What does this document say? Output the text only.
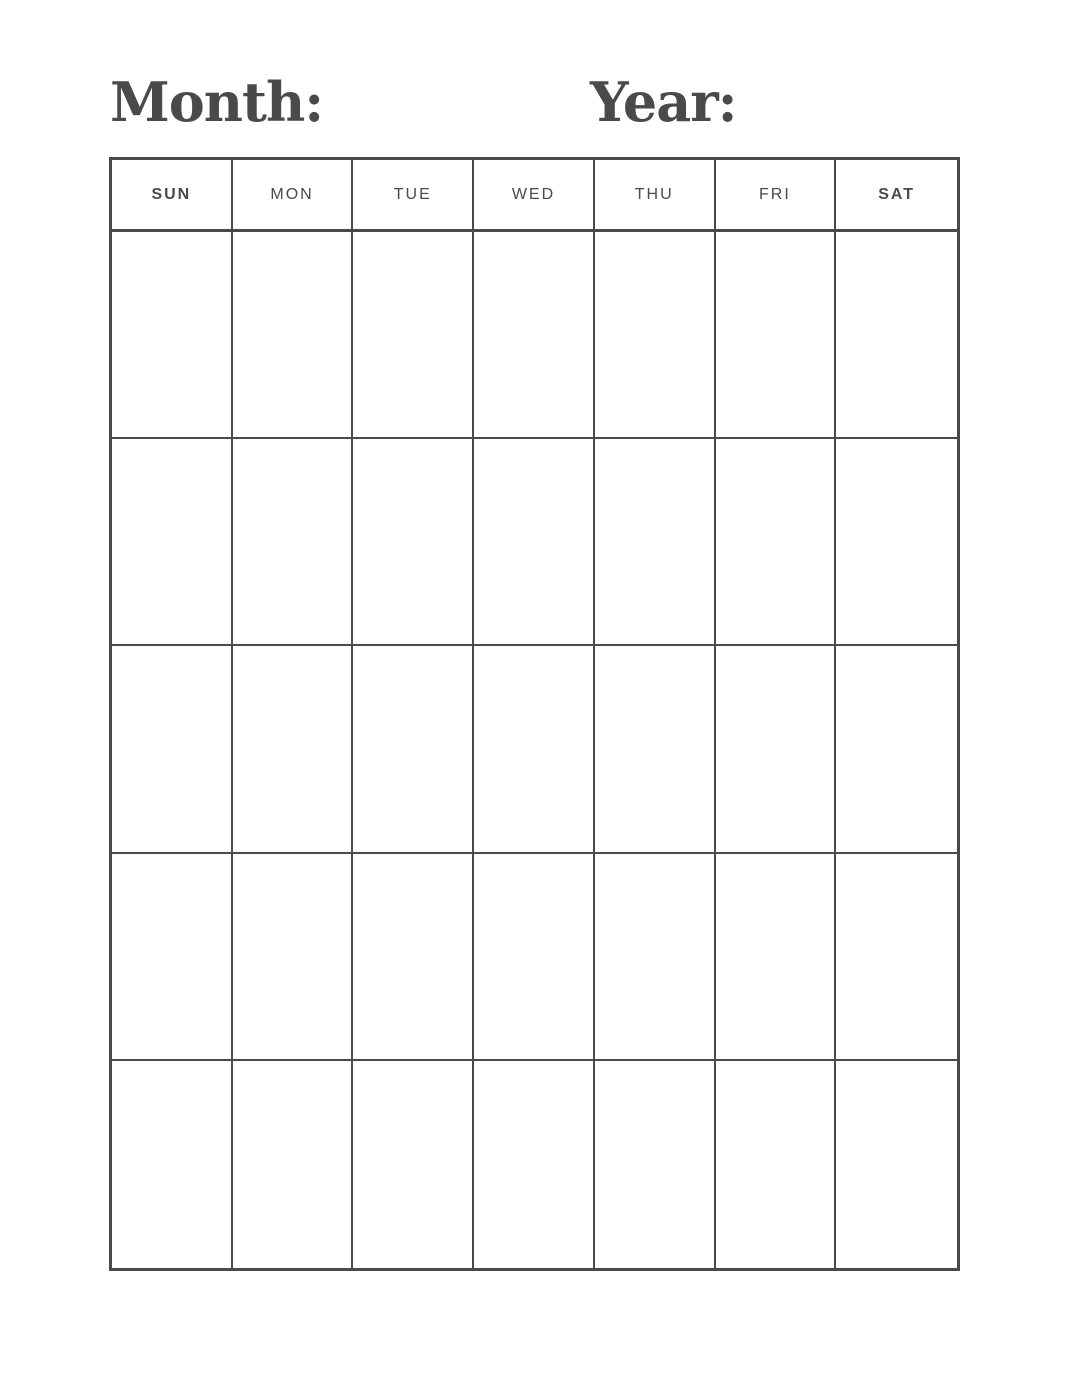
Month:	Year:
SUN	MON	TUE	WED	THU	FRI	SAT
